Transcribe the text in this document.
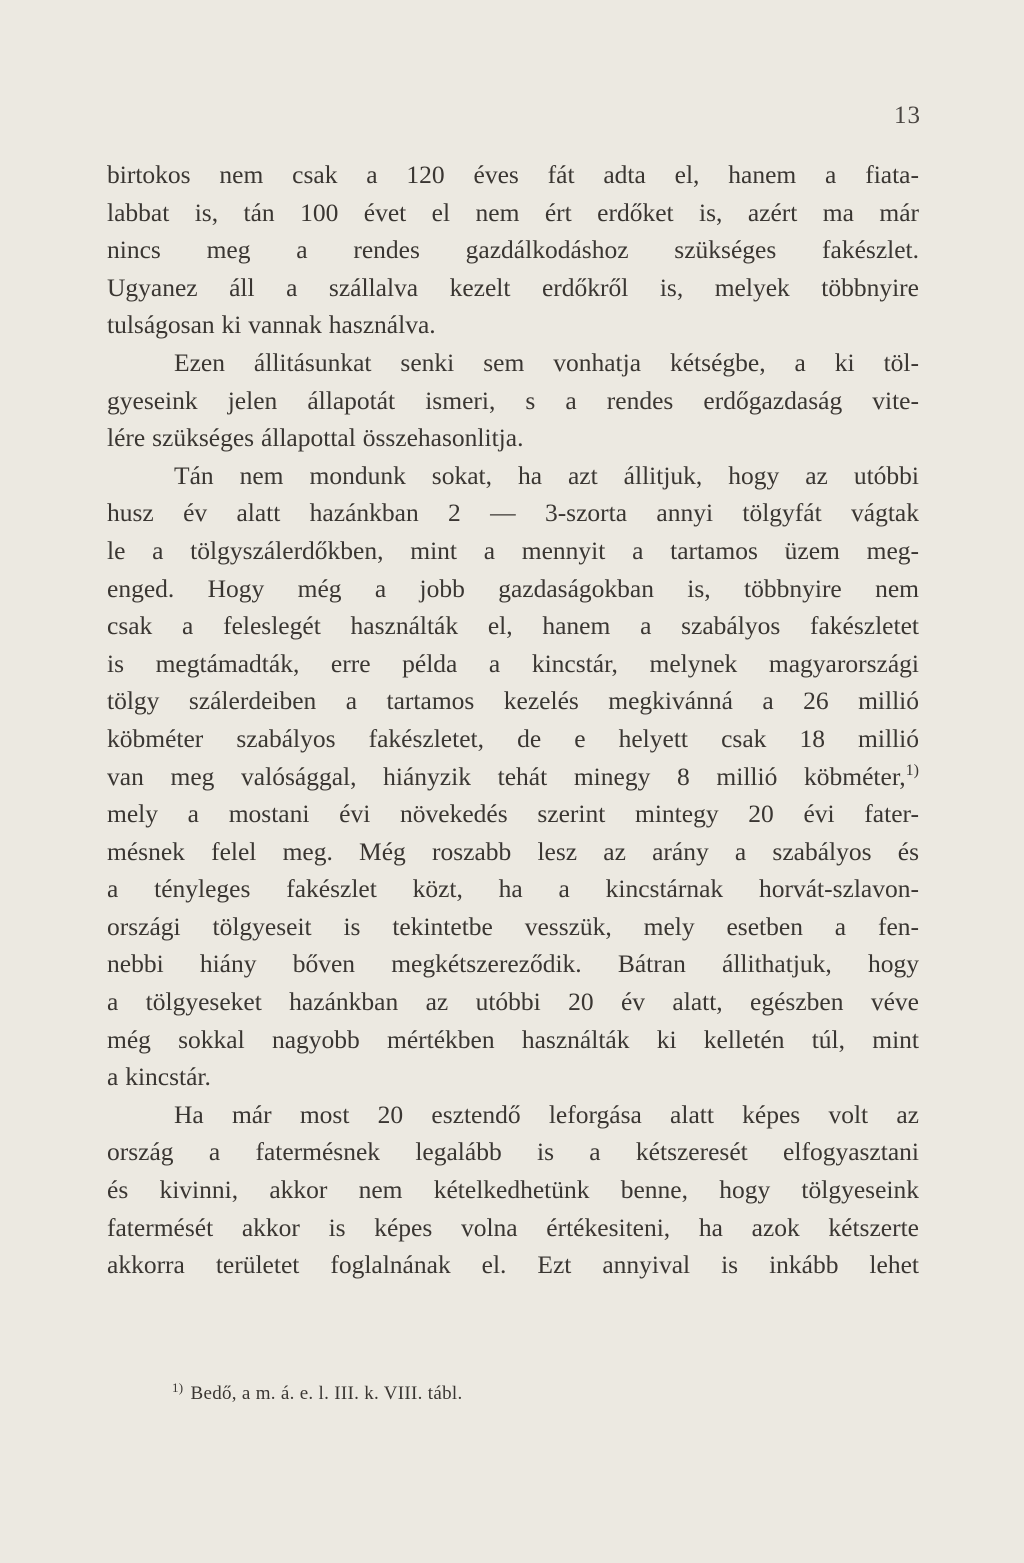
13
birtokos nem csak a 120 éves fát adta el, hanem a fiata-
labbat is, tán 100 évet el nem ért erdőket is, azért ma már
nincs meg a rendes gazdálkodáshoz szükséges fakészlet.
Ugyanez áll a szállalva kezelt erdőkről is, melyek többnyire
tulságosan ki vannak használva.
Ezen állitásunkat senki sem vonhatja kétségbe, a ki töl-
gyeseink jelen állapotát ismeri, s a rendes erdőgazdaság vite-
lére szükséges állapottal összehasonlitja.
Tán nem mondunk sokat, ha azt állitjuk, hogy az utóbbi
husz év alatt hazánkban 2 — 3-szorta annyi tölgyfát vágtak
le a tölgyszálerdőkben, mint a mennyit a tartamos üzem meg-
enged. Hogy még a jobb gazdaságokban is, többnyire nem
csak a feleslegét használták el, hanem a szabályos fakészletet
is megtámadták, erre példa a kincstár, melynek magyarországi
tölgy szálerdeiben a tartamos kezelés megkivánná a 26 millió
köbméter szabályos fakészletet, de e helyett csak 18 millió
van meg valósággal, hiányzik tehát minegy 8 millió köbméter,$^{1)}$
mely a mostani évi növekedés szerint mintegy 20 évi fater-
mésnek felel meg. Még roszabb lesz az arány a szabályos és
a tényleges fakészlet közt, ha a kincstárnak horvát-szlavon-
országi tölgyeseit is tekintetbe vesszük, mely esetben a fen-
nebbi hiány bőven megkétszereződik. Bátran állithatjuk, hogy
a tölgyeseket hazánkban az utóbbi 20 év alatt, egészben véve
még sokkal nagyobb mértékben használták ki kelletén túl, mint
a kincstár.
Ha már most 20 esztendő leforgása alatt képes volt az
ország a fatermésnek legalább is a kétszeresét elfogyasztani
és kivinni, akkor nem kételkedhetünk benne, hogy tölgyeseink
fatermését akkor is képes volna értékesiteni, ha azok kétszerte
akkorra területet foglalnának el. Ezt annyival is inkább lehet
$^{1)}$ Bedő, a m. á. e. l. III. k. VIII. tábl.
